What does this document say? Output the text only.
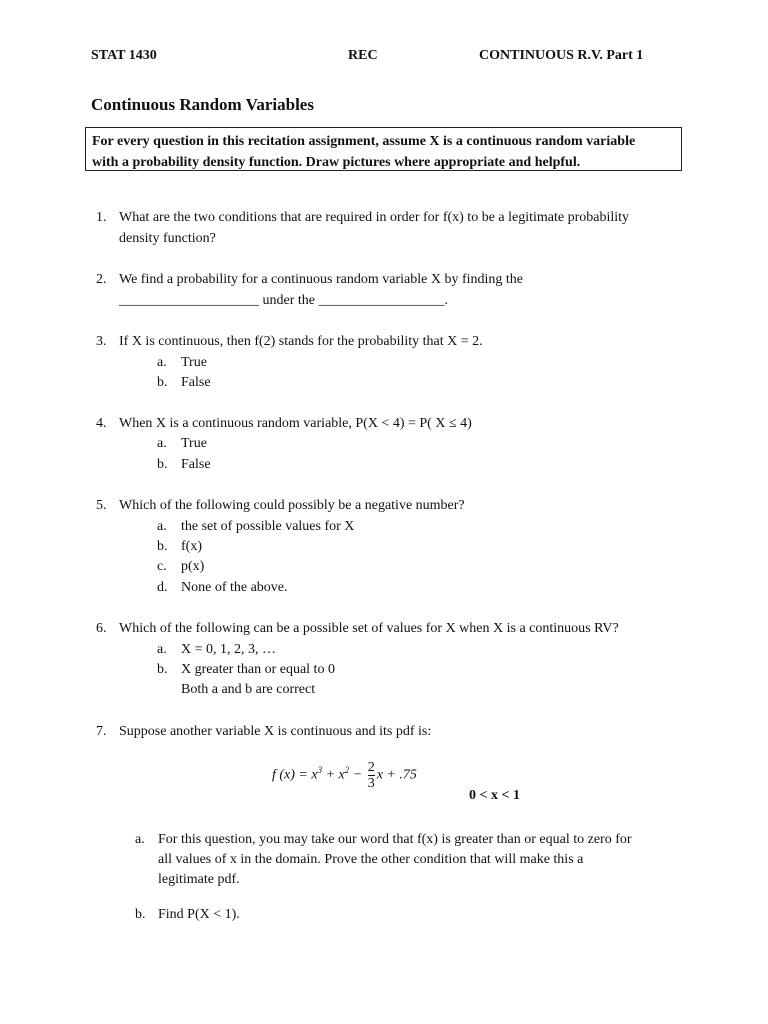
STAT 1430	REC	CONTINUOUS R.V. Part 1
Continuous Random Variables
For every question in this recitation assignment, assume X is a continuous random variable
with a probability density function. Draw pictures where appropriate and helpful.
1. What are the two conditions that are required in order for f(x) to be a legitimate probability
density function?
2. We find a probability for a continuous random variable X by finding the
____________________ under the __________________.
3. If X is continuous, then f(2) stands for the probability that X = 2.
a. True
b. False
4. When X is a continuous random variable, P(X < 4) = P( X ≤ 4)
a. True
b. False
5. Which of the following could possibly be a negative number?
a. the set of possible values for X
b. f(x)
c. p(x)
d. None of the above.
6. Which of the following can be a possible set of values for X when X is a continuous RV?
a. X = 0, 1, 2, 3, …
b. X greater than or equal to 0
Both a and b are correct
7. Suppose another variable X is continuous and its pdf is:
f $(x) = x^3 + x^2 - \frac{2}{3}$ x + .75
0 < x < 1
a. For this question, you may take our word that f(x) is greater than or equal to zero for
all values of x in the domain. Prove the other condition that will make this a
legitimate pdf.
b. Find P(X < 1).
